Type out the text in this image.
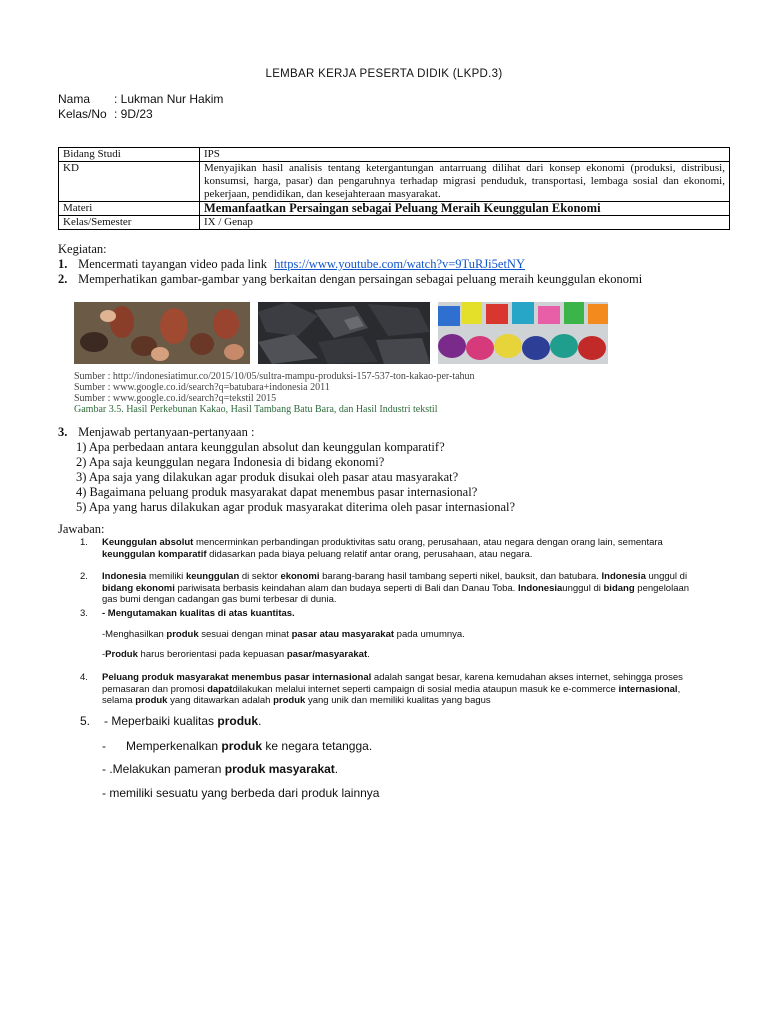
LEMBAR KERJA PESERTA DIDIK (LKPD.3)
Nama	: Lukman Nur Hakim
Kelas/No : 9D/23
Bidang Studi	IPS
KD	Menyajikan hasil analisis tentang ketergantungan antarruang dilihat dari konsep ekonomi (produksi, distribusi, konsumsi, harga, pasar) dan pengaruhnya terhadap migrasi penduduk, transportasi, lembaga sosial dan ekonomi, pekerjaan, pendidikan, dan kesejahteraan masyarakat.
Materi	Memanfaatkan Persaingan sebagai Peluang Meraih Keunggulan Ekonomi
Kelas/Semester	IX / Genap
Kegiatan:
1. Mencermati tayangan video pada link https://www.youtube.com/watch?v=9TuRJi5etNY
2. Memperhatikan gambar-gambar yang berkaitan dengan persaingan sebagai peluang meraih keunggulan ekonomi
Sumber : http://indonesiatimur.co/2015/10/05/sultra-mampu-produksi-157-537-ton-kakao-per-tahun
Sumber : www.google.co.id/search?q=batubara+indonesia 2011
Sumber : www.google.co.id/search?q=tekstil 2015
Gambar 3.5. Hasil Perkebunan Kakao, Hasil Tambang Batu Bara, dan Hasil Industri tekstil
3. Menjawab pertanyaan-pertanyaan :
1) Apa perbedaan antara keunggulan absolut dan keunggulan komparatif?
2) Apa saja keunggulan negara Indonesia di bidang ekonomi?
3) Apa saja yang dilakukan agar produk disukai oleh pasar atau masyarakat?
4) Bagaimana peluang produk masyarakat dapat menembus pasar internasional?
5) Apa yang harus dilakukan agar produk masyarakat diterima oleh pasar internasional?
Jawaban:
1.	Keunggulan absolut mencerminkan perbandingan produktivitas satu orang, perusahaan, atau negara dengan orang lain, sementara

keunggulan komparatif didasarkan pada biaya peluang relatif antar orang, perusahaan, atau negara.

2.	Indonesia memiliki keunggulan di sektor ekonomi barang-barang hasil tambang seperti nikel, bauksit, dan batubara. Indonesia unggul di bidang ekonomi pariwisata berbasis keindahan alam dan budaya seperti di Bali dan Danau Toba. Indonesiaunggul di bidang pengelolaan gas bumi dengan cadangan gas bumi terbesar di dunia.

3.	- Mengutamakan kualitas di atas kuantitas.

-Menghasilkan produk sesuai dengan minat pasar atau masyarakat pada umumnya.

-Produk harus berorientasi pada kepuasan pasar/masyarakat.

4.	Peluang produk masyarakat menembus pasar internasional adalah sangat besar, karena kemudahan akses internet, sehingga proses pemasaran dan promosi dapatdilakukan melalui internet seperti campaign di sosial media ataupun masuk ke e-commerce internasional, selama produk yang ditawarkan adalah produk yang unik dan memiliki kualitas yang bagus

5. - Meperbaiki kualitas produk.
-      Memperkenalkan produk ke negara tetangga.
- .Melakukan pameran produk masyarakat.
- memiliki sesuatu yang berbeda dari produk lainnya
